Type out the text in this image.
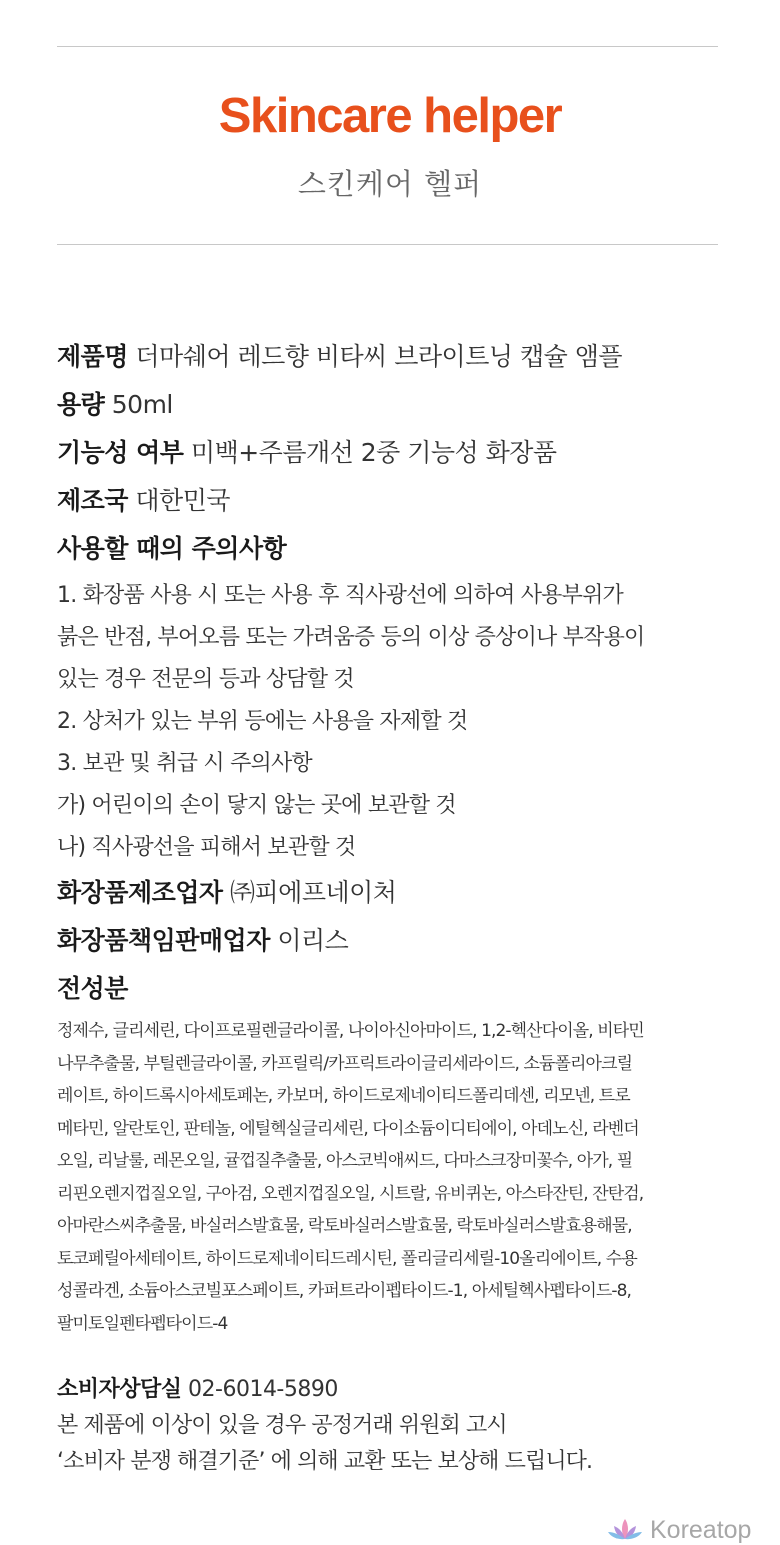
Skincare helper
스킨케어 헬퍼
제품명 더마쉐어 레드향 비타씨 브라이트닝 캡슐 앰플
용량 50ml
기능성 여부 미백+주름개선 2중 기능성 화장품
제조국 대한민국
사용할 때의 주의사항
1. 화장품 사용 시 또는 사용 후 직사광선에 의하여 사용부위가
붉은 반점, 부어오름 또는 가려움증 등의 이상 증상이나 부작용이
있는 경우 전문의 등과 상담할 것
2. 상처가 있는 부위 등에는 사용을 자제할 것
3. 보관 및 취급 시 주의사항
가) 어린이의 손이 닿지 않는 곳에 보관할 것
나) 직사광선을 피해서 보관할 것
화장품제조업자 ㈜피에프네이처
화장품책임판매업자 이리스
전성분
정제수, 글리세린, 다이프로필렌글라이콜, 나이아신아마이드, 1,2-헥산다이올, 비타민
나무추출물, 부틸렌글라이콜, 카프릴릭/카프릭트라이글리세라이드, 소듐폴리아크릴
레이트, 하이드록시아세토페논, 카보머, 하이드로제네이티드폴리데센, 리모넨, 트로
메타민, 알란토인, 판테놀, 에틸헥실글리세린, 다이소듐이디티에이, 아데노신, 라벤더
오일, 리날룰, 레몬오일, 귤껍질추출물, 아스코빅애씨드, 다마스크장미꽃수, 아가, 필
리핀오렌지껍질오일, 구아검, 오렌지껍질오일, 시트랄, 유비퀴논, 아스타잔틴, 잔탄검,
아마란스씨추출물, 바실러스발효물, 락토바실러스발효물, 락토바실러스발효용해물,
토코페릴아세테이트, 하이드로제네이티드레시틴, 폴리글리세릴-10올리에이트, 수용
성콜라겐, 소듐아스코빌포스페이트, 카퍼트라이펩타이드-1, 아세틸헥사펩타이드-8,
팔미토일펜타펩타이드-4
소비자상담실 02-6014-5890
본 제품에 이상이 있을 경우 공정거래 위원회 고시
‘소비자 분쟁 해결기준’ 에 의해 교환 또는 보상해 드립니다.
Koreatop
